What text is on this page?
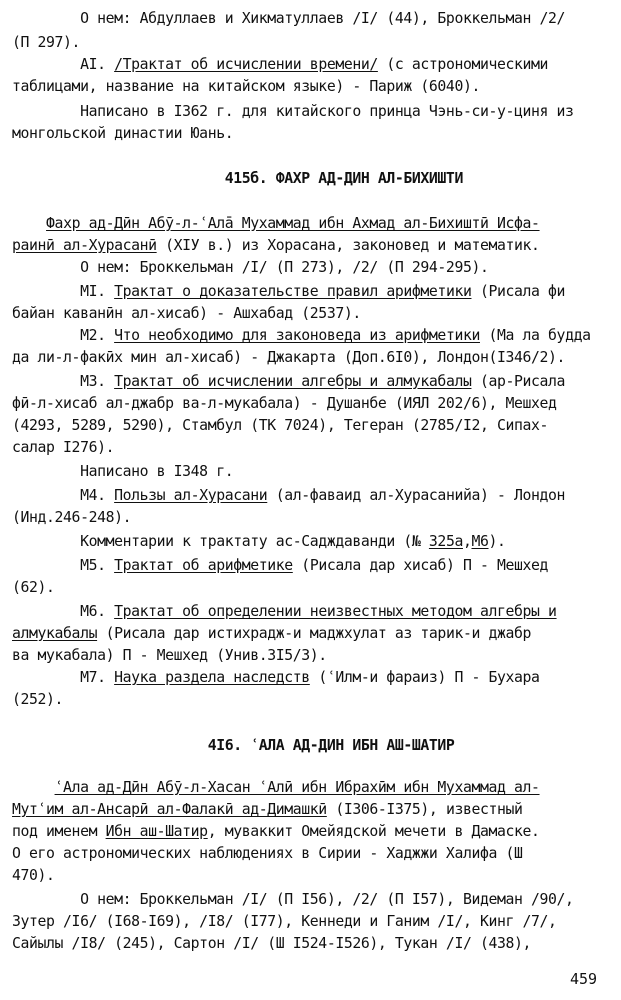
О нем: Абдуллаев и Хикматуллаев /I/ (44), Броккельман /2/
(П 297).
АI. /Трактат об исчислении времени/ (с астрономическими
таблицами, название на китайском языке) - Париж (6040).
Написано в I362 г. для китайского принца Чэнь-си-у-циня из
монгольской династии Юань.
415б. ФАХР АД-ДИН АЛ-БИХИШТИ
Фахр ад-Дӣн Абӯ-л-ʿАлā Мухаммад ибн Ахмад ал-Бихиштӣ Исфа-
раинӣ ал-Хурасанӣ (XIУ в.) из Хорасана, законовед и математик.
О нем: Броккельман /I/ (П 273), /2/ (П 294-295).
МI. Трактат о доказательстве правил арифметики (Рисала фи
байан каванӣн ал-хисаб) - Ашхабад (2537).
М2. Что необходимо для законоведа из арифметики (Ма ла будда
да ли-л-факӣх мин ал-хисаб) - Джакарта (Доп.6I0), Лондон(I346/2).
М3. Трактат об исчислении алгебры и алмукабалы (ар-Рисала
фӣ-л-хисаб ал-джабр ва-л-мукабала) - Душанбе (ИЯЛ 202/6), Мешхед
(4293, 5289, 5290), Стамбул (ТК 7024), Тегеран (2785/I2, Сипах-
салар I276).
Написано в I348 г.
М4. Пользы ал-Хурасани (ал-фаваид ал-Хурасанийа) - Лондон
(Инд.246-248).
Комментарии к трактату ас-Садждаванди (№ 325а,М6).
М5. Трактат об арифметике (Рисала дар хисаб) П - Мешхед
(62).
М6. Трактат об определении неизвестных методом алгебры и
алмукабалы (Рисала дар истихрадж-и маджхулат аз тарик-и джабр
ва мукабала) П - Мешхед (Унив.3I5/3).
М7. Наука раздела наследств (ʿИлм-и фараиз) П - Бухара
(252).
4I6. ʿАЛА АД-ДИН ИБН АШ-ШАТИР
ʿАла ад-Дӣн Абӯ-л-Хасан ʿАлӣ ибн Ибрахӣм ибн Мухаммад ал-
Мутʿим ал-Ансарӣ ал-Фалакӣ ад-Димашкӣ (I306-I375), известный
под именем Ибн аш-Шатир, муваккит Омейядской мечети в Дамаске.
О его астрономических наблюдениях в Сирии - Хаджжи Халифа (Ш
470).
О нем: Броккельман /I/ (П I56), /2/ (П I57), Видеман /90/,
Зутер /I6/ (I68-I69), /I8/ (I77), Кеннеди и Ганим /I/, Кинг /7/,
Сайылы /I8/ (245), Сартон /I/ (Ш I524-I526), Тукан /I/ (438),
459
